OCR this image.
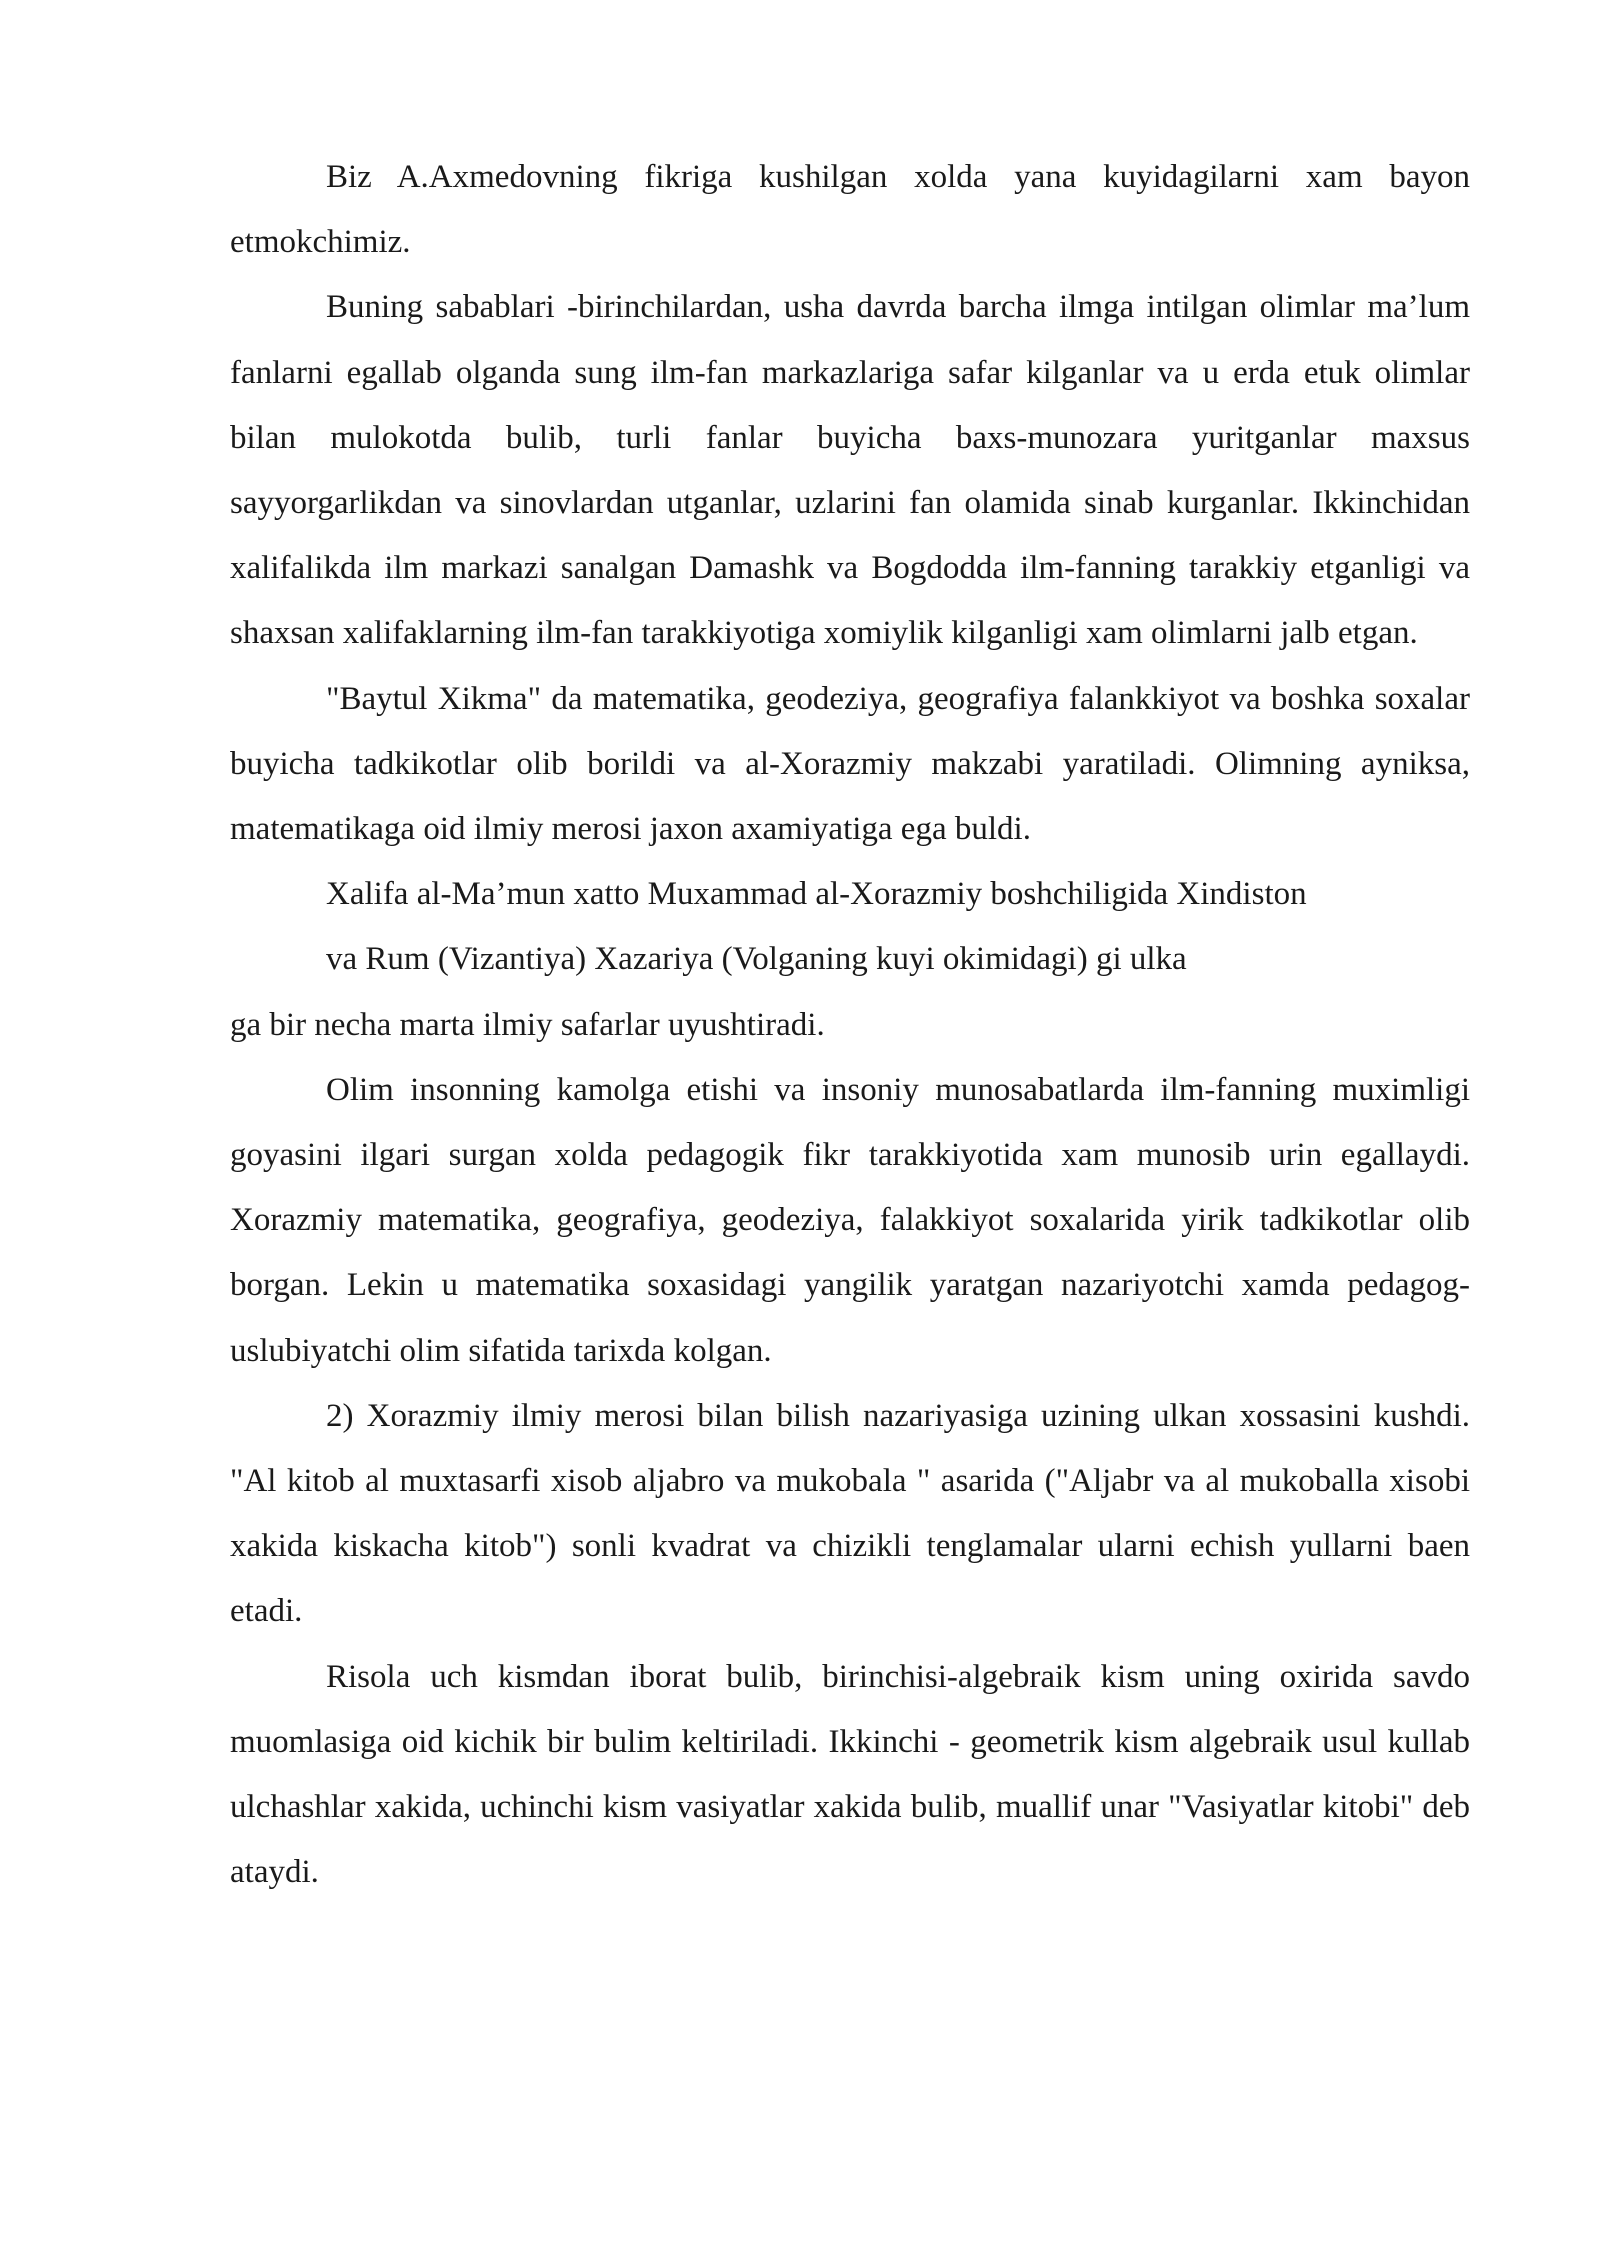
Biz A.Axmedovning fikriga kushilgan xolda yana kuyidagilarni xam bayon etmokchimiz.

Buning sabablari -birinchilardan, usha davrda barcha ilmga intilgan olimlar ma’lum fanlarni egallab olganda sung ilm-fan markazlariga safar kilganlar va u erda etuk olimlar bilan mulokotda bulib, turli fanlar buyicha baxs-munozara yuritganlar maxsus sayyorgarlikdan va sinovlardan utganlar, uzlarini fan olamida sinab kurganlar. Ikkinchidan xalifalikda ilm markazi sanalgan Damashk va Bogdodda ilm-fanning tarakkiy etganligi va shaxsan xalifaklarning ilm-fan tarakkiyotiga xomiylik kilganligi xam olimlarni jalb etgan.

"Baytul Xikma" da matematika, geodeziya, geografiya falankkiyot va boshka soxalar buyicha tadkikotlar olib borildi va al-Xorazmiy makzabi yaratiladi. Olimning ayniksa, matematikaga oid ilmiy merosi jaxon axamiyatiga ega buldi.

Xalifa al-Ma’mun xatto Muxammad al-Xorazmiy boshchiligida Xindiston
va Rum (Vizantiya) Xazariya (Volganing kuyi okimidagi) gi ulka
ga bir necha marta ilmiy safarlar uyushtiradi.

Olim insonning kamolga etishi va insoniy munosabatlarda ilm-fanning muximligi goyasini ilgari surgan xolda pedagogik fikr tarakkiyotida xam munosib urin egallaydi. Xorazmiy matematika, geografiya, geodeziya, falakkiyot soxalarida yirik tadkikotlar olib borgan. Lekin u matematika soxasidagi yangilik yaratgan nazariyotchi xamda pedagog-uslubiyatchi olim sifatida tarixda kolgan.

2) Xorazmiy ilmiy merosi bilan bilish nazariyasiga uzining ulkan xossasini kushdi. "Al kitob al muxtasarfi xisob aljabro va mukobala " asarida ("Aljabr va al mukoballa xisobi xakida kiskacha kitob") sonli kvadrat va chizikli tenglamalar ularni echish yullarni baen etadi.

Risola uch kismdan iborat bulib, birinchisi-algebraik kism uning oxirida savdo muomlasiga oid kichik bir bulim keltiriladi. Ikkinchi - geometrik kism algebraik usul kullab ulchashlar xakida, uchinchi kism vasiyatlar xakida bulib, muallif unar "Vasiyatlar kitobi" deb ataydi.
